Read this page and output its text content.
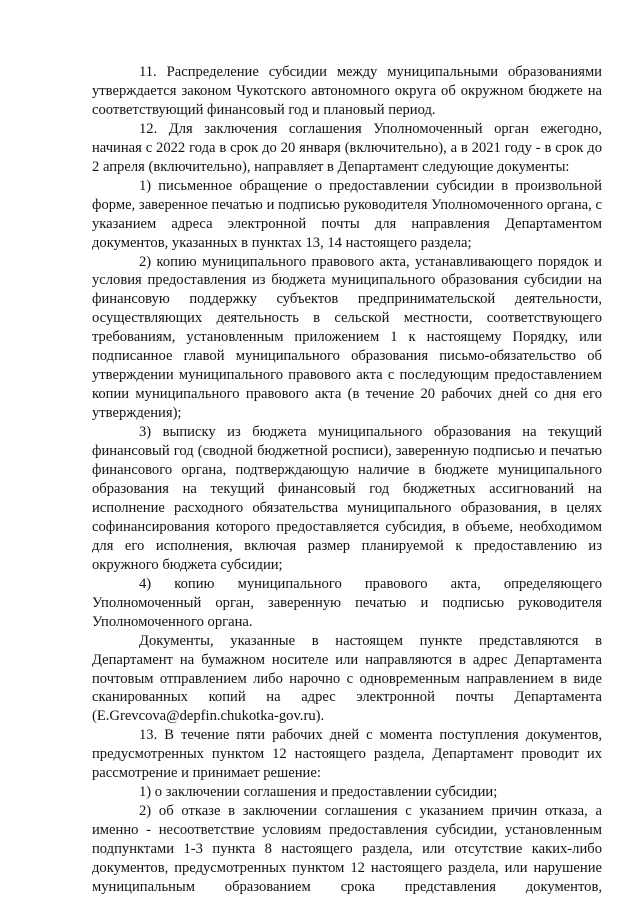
11. Распределение субсидии между муниципальными образованиями утверждается законом Чукотского автономного округа об окружном бюджете на соответствующий финансовый год и плановый период.

12. Для заключения соглашения Уполномоченный орган ежегодно, начиная с 2022 года в срок до 20 января (включительно), а в 2021 году - в срок до 2 апреля (включительно), направляет в Департамент следующие документы:

1) письменное обращение о предоставлении субсидии в произвольной форме, заверенное печатью и подписью руководителя Уполномоченного органа, с указанием адреса электронной почты для направления Департаментом документов, указанных в пунктах 13, 14 настоящего раздела;

2) копию муниципального правового акта, устанавливающего порядок и условия предоставления из бюджета муниципального образования субсидии на финансовую поддержку субъектов предпринимательской деятельности, осуществляющих деятельность в сельской местности, соответствующего требованиям, установленным приложением 1 к настоящему Порядку, или подписанное главой муниципального образования письмо-обязательство об утверждении муниципального правового акта с последующим предоставлением копии муниципального правового акта (в течение 20 рабочих дней со дня его утверждения);

3) выписку из бюджета муниципального образования на текущий финансовый год (сводной бюджетной росписи), заверенную подписью и печатью финансового органа, подтверждающую наличие в бюджете муниципального образования на текущий финансовый год бюджетных ассигнований на исполнение расходного обязательства муниципального образования, в целях софинансирования которого предоставляется субсидия, в объеме, необходимом для его исполнения, включая размер планируемой к предоставлению из окружного бюджета субсидии;

4) копию муниципального правового акта, определяющего Уполномоченный орган, заверенную печатью и подписью руководителя Уполномоченного органа.

Документы, указанные в настоящем пункте представляются в Департамент на бумажном носителе или направляются в адрес Департамента почтовым отправлением либо нарочно с одновременным направлением в виде сканированных копий на адрес электронной почты Департамента (E.Grevcova@depfin.chukotka-gov.ru).

13. В течение пяти рабочих дней с момента поступления документов, предусмотренных пунктом 12 настоящего раздела, Департамент проводит их рассмотрение и принимает решение:

1) о заключении соглашения и предоставлении субсидии;

2) об отказе в заключении соглашения с указанием причин отказа, а именно - несоответствие условиям предоставления субсидии, установленным подпунктами 1-3 пункта 8 настоящего раздела, или отсутствие каких-либо документов, предусмотренных пунктом 12 настоящего раздела, или нарушение муниципальным образованием срока представления документов,
